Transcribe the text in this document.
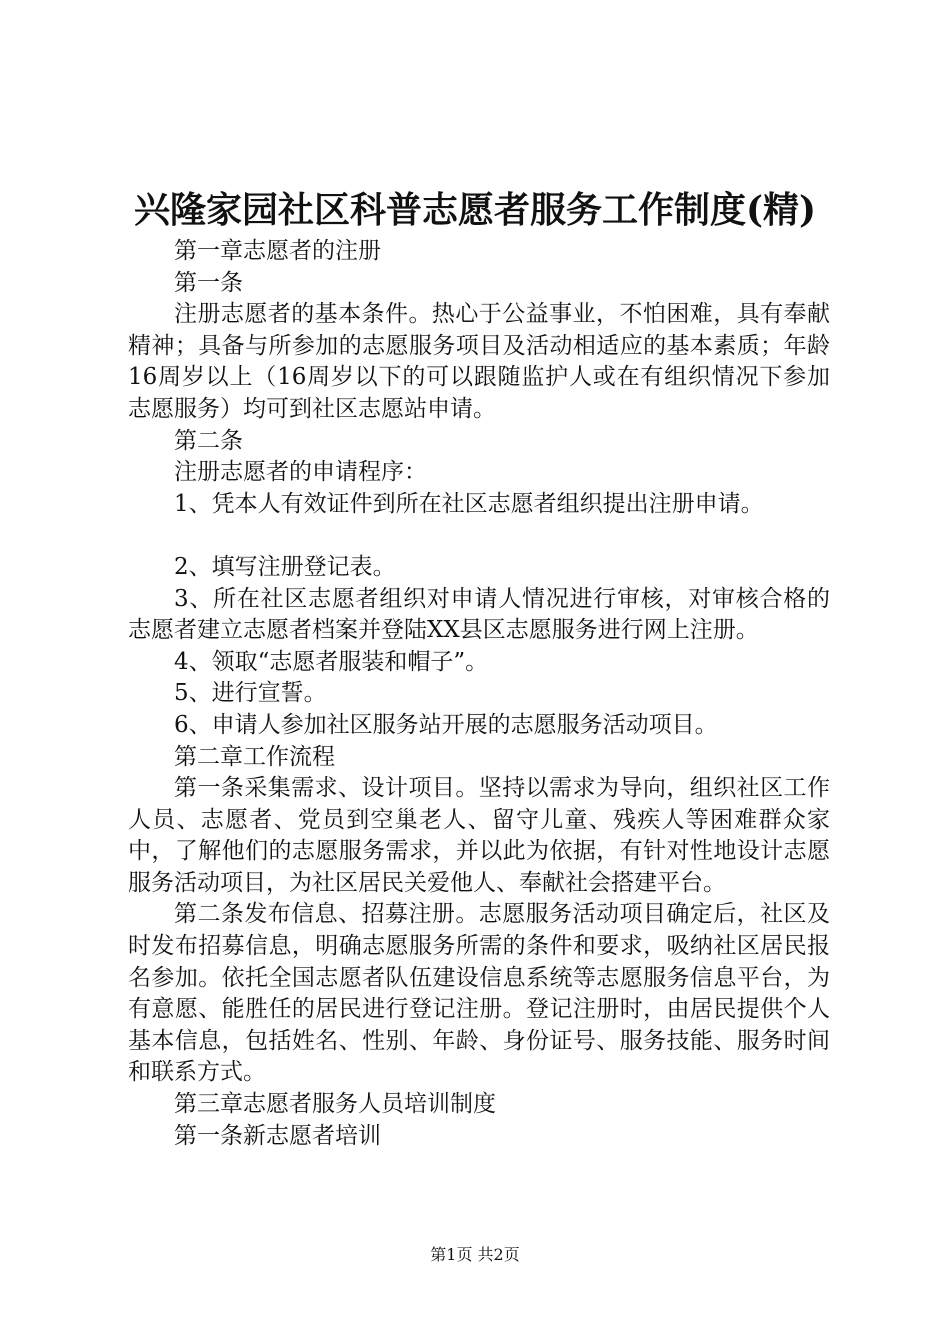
兴隆家园社区科普志愿者服务工作制度(精)

第一章志愿者的注册

第一条

注册志愿者的基本条件。热心于公益事业，不怕困难，具有奉献精神；具备与所参加的志愿服务项目及活动相适应的基本素质；年龄16周岁以上（16周岁以下的可以跟随监护人或在有组织情况下参加志愿服务）均可到社区志愿站申请。

第二条

注册志愿者的申请程序：

1、凭本人有效证件到所在社区志愿者组织提出注册申请。

2、填写注册登记表。

3、所在社区志愿者组织对申请人情况进行审核，对审核合格的志愿者建立志愿者档案并登陆XX县区志愿服务进行网上注册。

4、领取“志愿者服装和帽子”。

5、进行宣誓。

6、申请人参加社区服务站开展的志愿服务活动项目。

第二章工作流程

第一条采集需求、设计项目。坚持以需求为导向，组织社区工作人员、志愿者、党员到空巢老人、留守儿童、残疾人等困难群众家中，了解他们的志愿服务需求，并以此为依据，有针对性地设计志愿服务活动项目，为社区居民关爱他人、奉献社会搭建平台。

第二条发布信息、招募注册。志愿服务活动项目确定后，社区及时发布招募信息，明确志愿服务所需的条件和要求，吸纳社区居民报名参加。依托全国志愿者队伍建设信息系统等志愿服务信息平台，为有意愿、能胜任的居民进行登记注册。登记注册时，由居民提供个人基本信息，包括姓名、性别、年龄、身份证号、服务技能、服务时间和联系方式。

第三章志愿者服务人员培训制度

第一条新志愿者培训

第1页 共2页
